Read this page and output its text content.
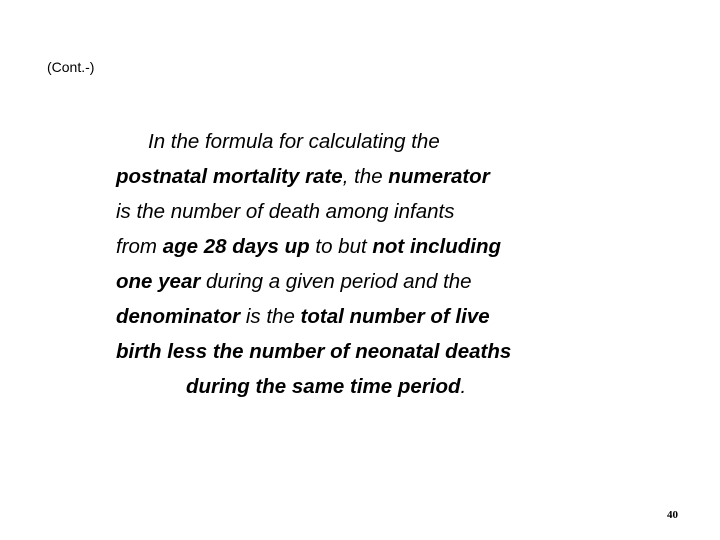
(Cont.-)
In the formula for calculating the
postnatal mortality rate, the numerator
is the number of death among infants
from age 28 days up to but not including
one year during a given period and the
denominator is the total number of live
birth less the number of neonatal deaths
during the same time period.
40
